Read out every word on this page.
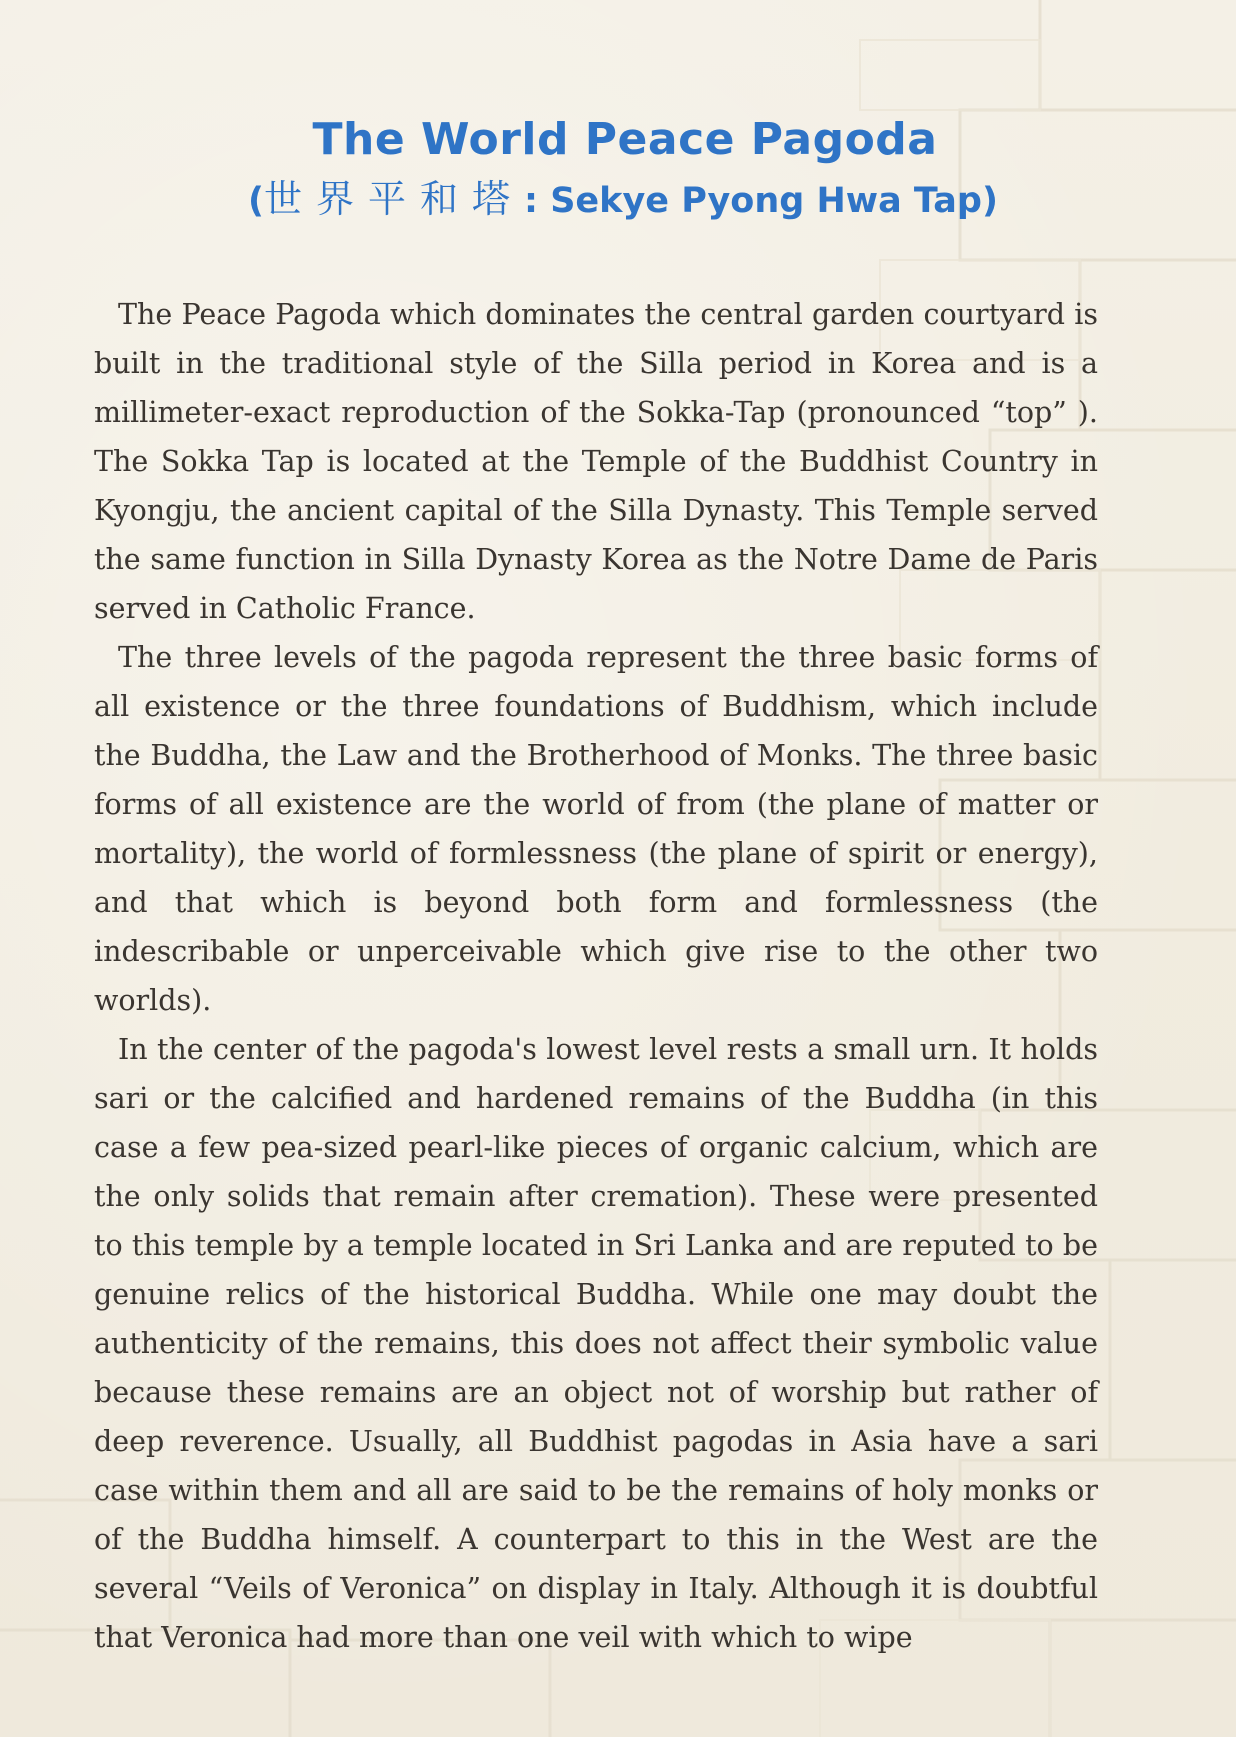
The World Peace Pagoda
(世界平和塔: Sekye Pyong Hwa Tap)

The Peace Pagoda which dominates the central garden courtyard is built in the traditional style of the Silla period in Korea and is a millimeter-exact reproduction of the Sokka-Tap (pronounced “top” ). The Sokka Tap is located at the Temple of the Buddhist Country in Kyongju, the ancient capital of the Silla Dynasty. This Temple served the same function in Silla Dynasty Korea as the Notre Dame de Paris served in Catholic France.

The three levels of the pagoda represent the three basic forms of all existence or the three foundations of Buddhism, which include the Buddha, the Law and the Brotherhood of Monks. The three basic forms of all existence are the world of from (the plane of matter or mortality), the world of formlessness (the plane of spirit or energy), and that which is beyond both form and formlessness (the indescribable or unperceivable which give rise to the other two worlds).

In the center of the pagoda's lowest level rests a small urn. It holds sari or the calcified and hardened remains of the Buddha (in this case a few pea-sized pearl-like pieces of organic calcium, which are the only solids that remain after cremation). These were presented to this temple by a temple located in Sri Lanka and are reputed to be genuine relics of the historical Buddha. While one may doubt the authenticity of the remains, this does not affect their symbolic value because these remains are an object not of worship but rather of deep reverence. Usually, all Buddhist pagodas in Asia have a sari case within them and all are said to be the remains of holy monks or of the Buddha himself. A counterpart to this in the West are the several “Veils of Veronica” on display in Italy. Although it is doubtful that Veronica had more than one veil with which to wipe
